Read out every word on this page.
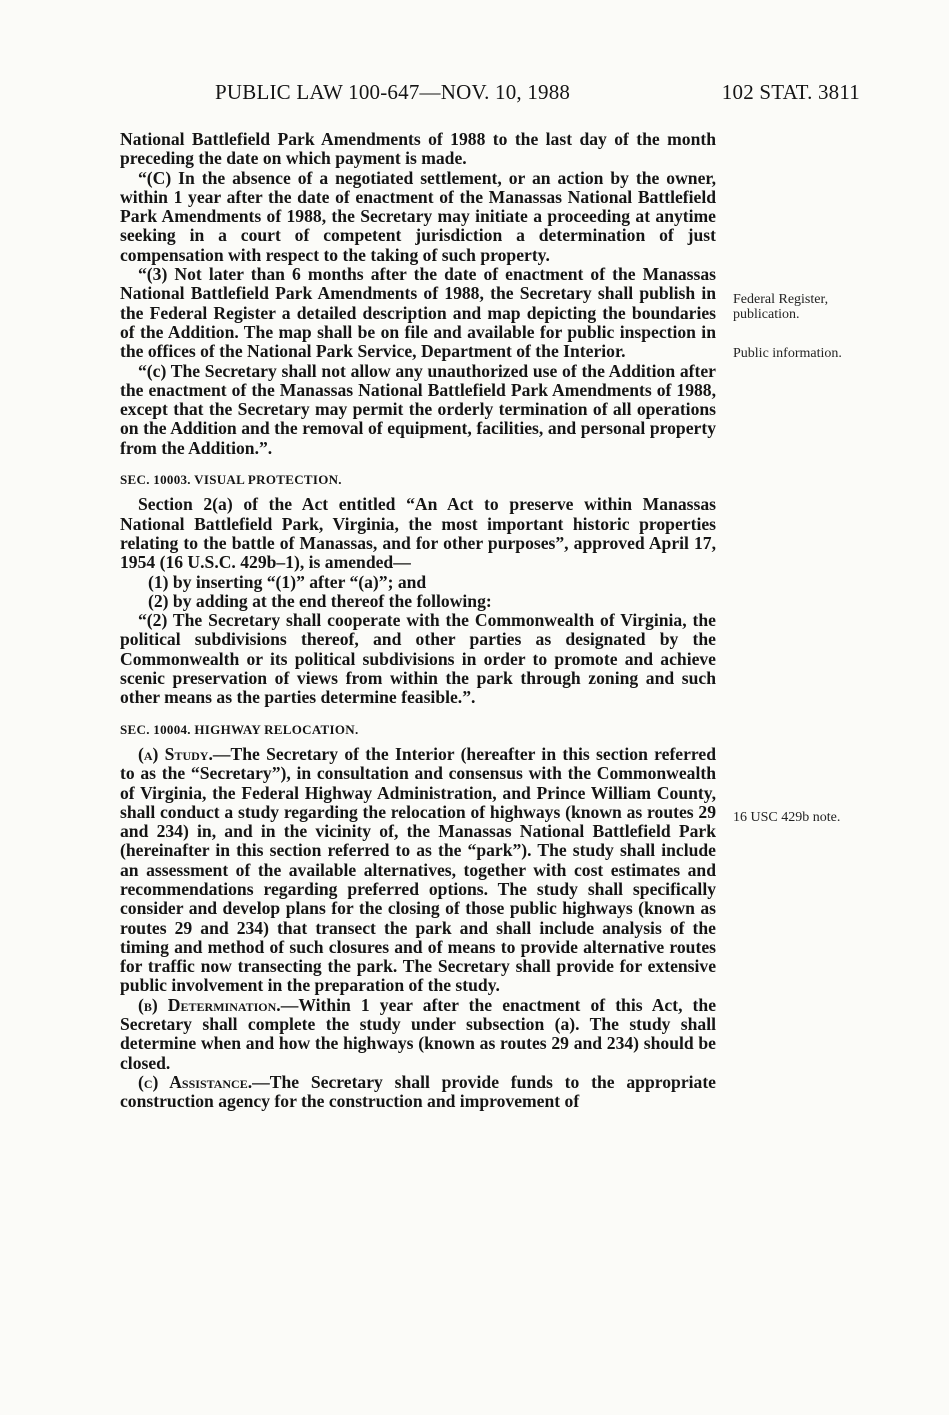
PUBLIC LAW 100-647—NOV. 10, 1988	102 STAT. 3811

National Battlefield Park Amendments of 1988 to the last day of the month preceding the date on which payment is made.

“(C) In the absence of a negotiated settlement, or an action by the owner, within 1 year after the date of enactment of the Manassas National Battlefield Park Amendments of 1988, the Secretary may initiate a proceeding at anytime seeking in a court of competent jurisdiction a determination of just compensation with respect to the taking of such property.

“(3) Not later than 6 months after the date of enactment of the Manassas National Battlefield Park Amendments of 1988, the Secretary shall publish in the Federal Register a detailed description and map depicting the boundaries of the Addition. The map shall be on file and available for public inspection in the offices of the National Park Service, Department of the Interior.

“(c) The Secretary shall not allow any unauthorized use of the Addition after the enactment of the Manassas National Battlefield Park Amendments of 1988, except that the Secretary may permit the orderly termination of all operations on the Addition and the removal of equipment, facilities, and personal property from the Addition.”.

SEC. 10003. VISUAL PROTECTION.

Section 2(a) of the Act entitled “An Act to preserve within Manassas National Battlefield Park, Virginia, the most important historic properties relating to the battle of Manassas, and for other purposes”, approved April 17, 1954 (16 U.S.C. 429b–1), is amended—

(1) by inserting “(1)” after “(a)”; and

(2) by adding at the end thereof the following:

“(2) The Secretary shall cooperate with the Commonwealth of Virginia, the political subdivisions thereof, and other parties as designated by the Commonwealth or its political subdivisions in order to promote and achieve scenic preservation of views from within the park through zoning and such other means as the parties determine feasible.”.

SEC. 10004. HIGHWAY RELOCATION.

(a) Study.—The Secretary of the Interior (hereafter in this section referred to as the “Secretary”), in consultation and consensus with the Commonwealth of Virginia, the Federal Highway Administration, and Prince William County, shall conduct a study regarding the relocation of highways (known as routes 29 and 234) in, and in the vicinity of, the Manassas National Battlefield Park (hereinafter in this section referred to as the “park”). The study shall include an assessment of the available alternatives, together with cost estimates and recommendations regarding preferred options. The study shall specifically consider and develop plans for the closing of those public highways (known as routes 29 and 234) that transect the park and shall include analysis of the timing and method of such closures and of means to provide alternative routes for traffic now transecting the park. The Secretary shall provide for extensive public involvement in the preparation of the study.

(b) Determination.—Within 1 year after the enactment of this Act, the Secretary shall complete the study under subsection (a). The study shall determine when and how the highways (known as routes 29 and 234) should be closed.

(c) Assistance.—The Secretary shall provide funds to the appropriate construction agency for the construction and improvement of

Federal Register, publication.
Public information.
16 USC 429b note.
